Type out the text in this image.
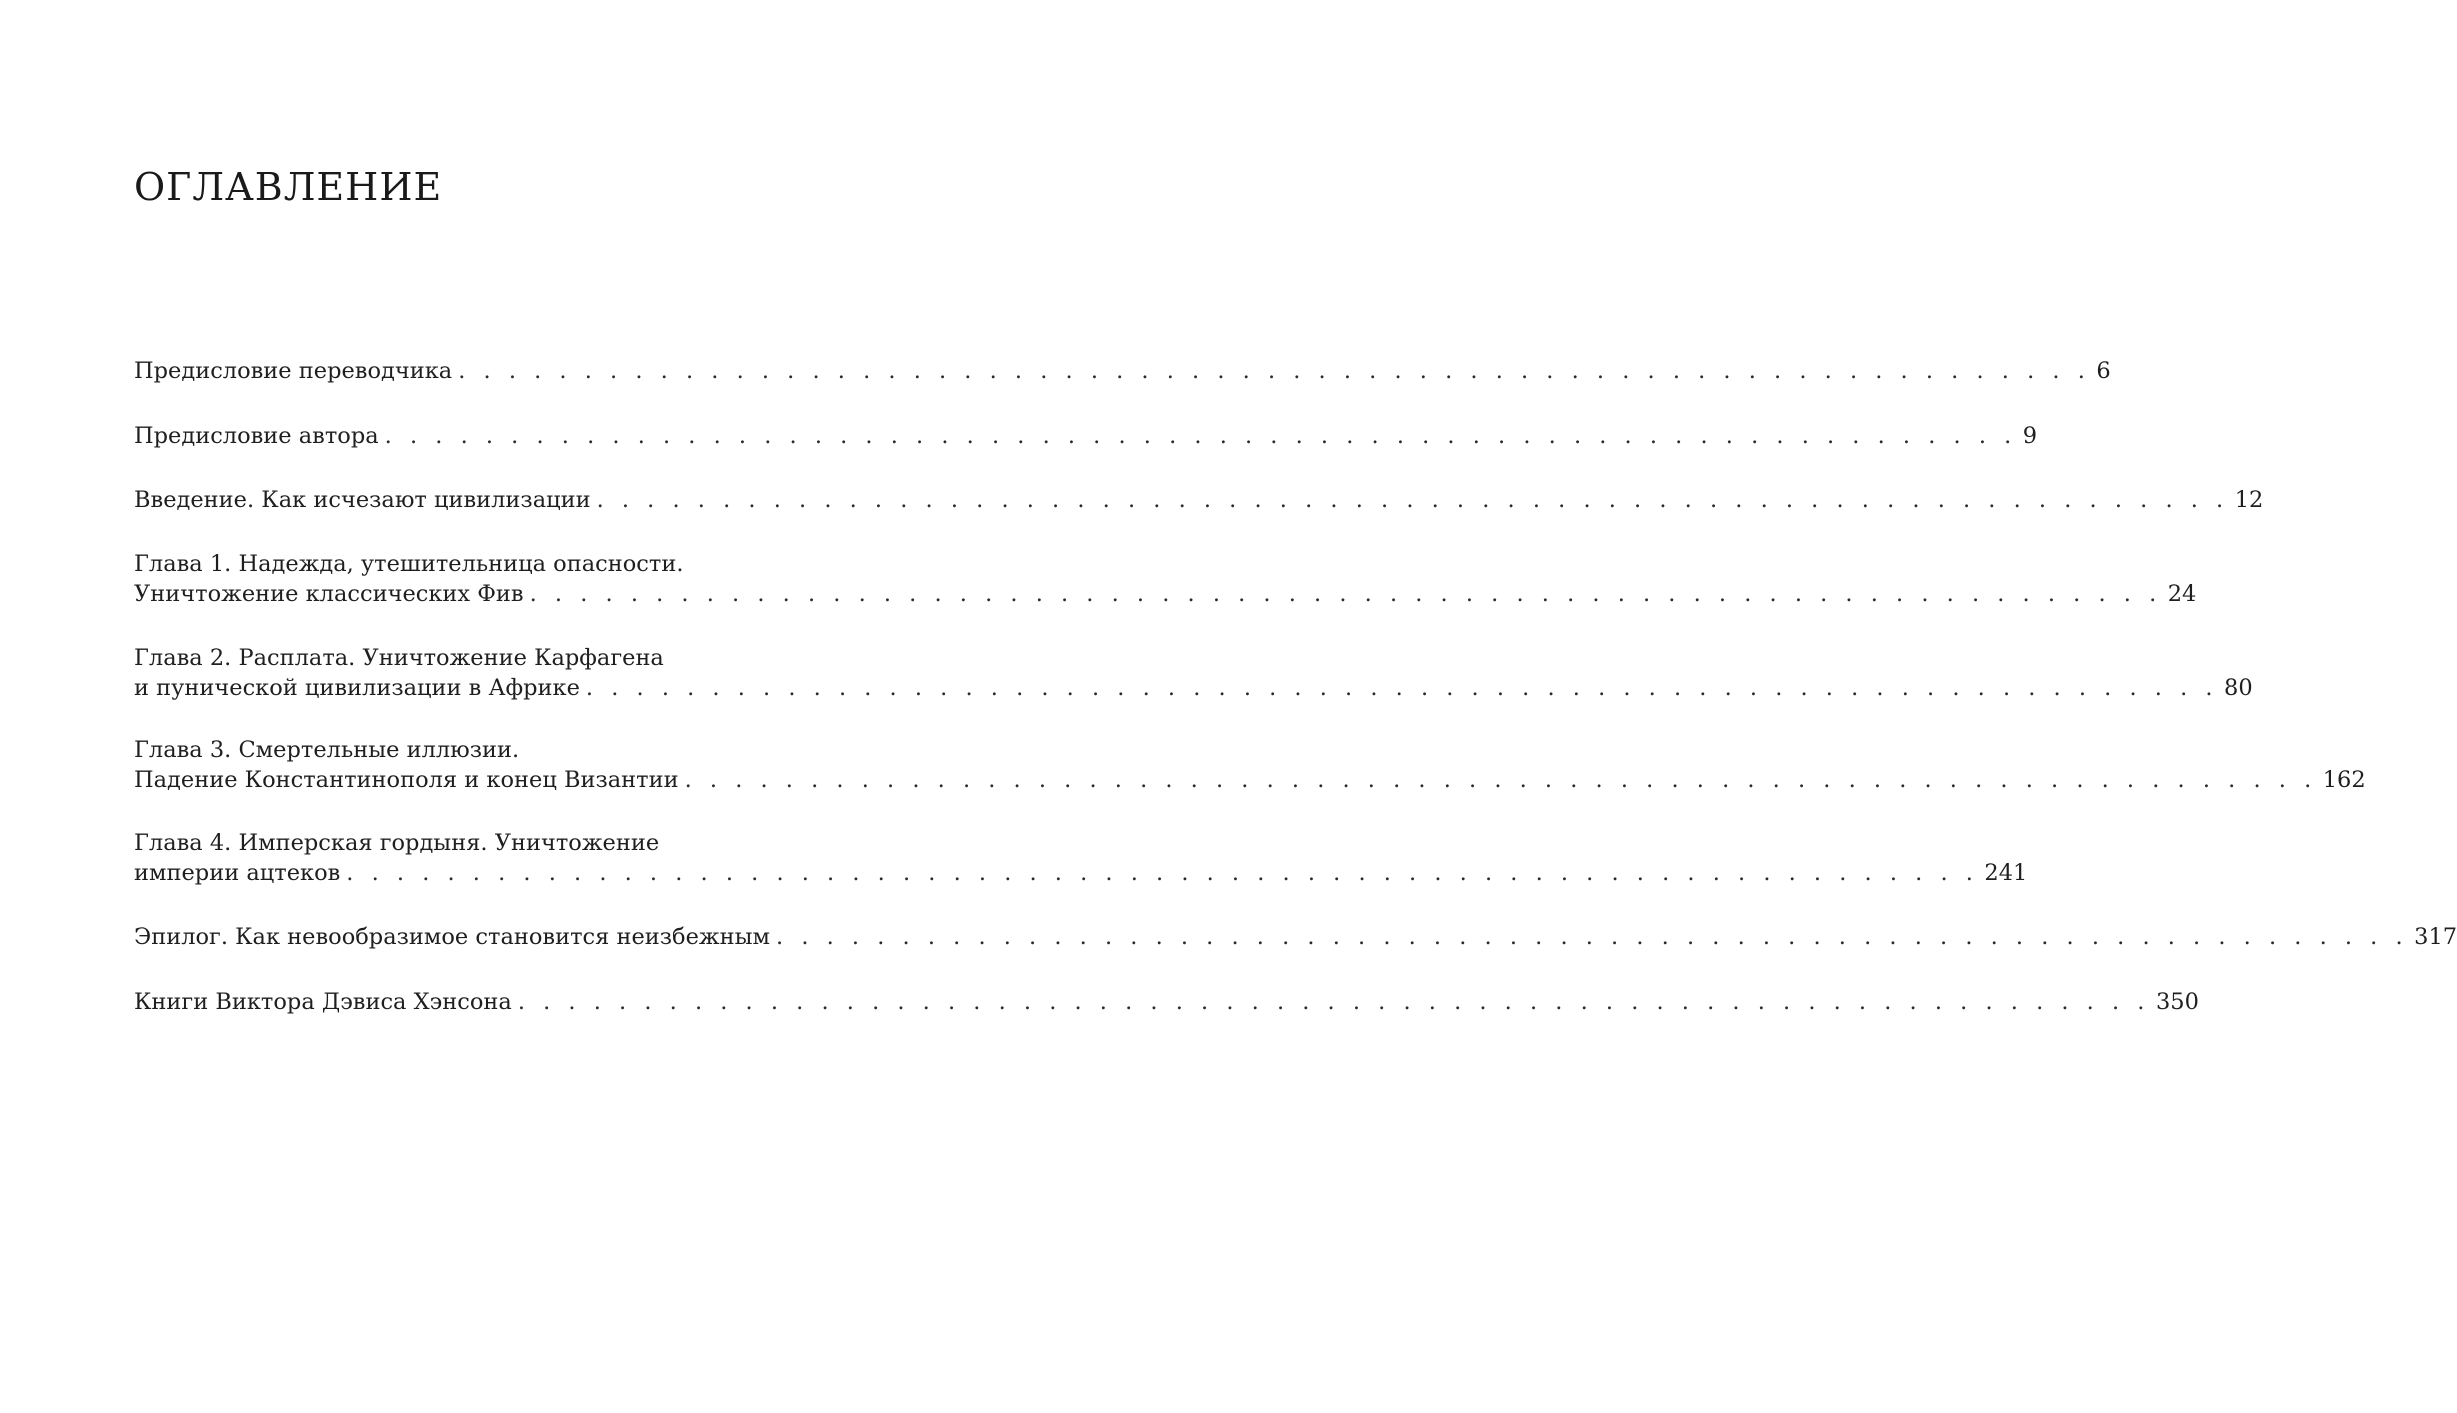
ОГЛАВЛЕНИЕ
Предисловие переводчика . . . . . . . . . . . . . . . . . . . . . . . . . . . . . . . . . . . . . . . . . . . . . . . . . . . . . . . . . . . . . . . . . 6
Предисловие автора . . . . . . . . . . . . . . . . . . . . . . . . . . . . . . . . . . . . . . . . . . . . . . . . . . . . . . . . . . . . . . . . . 9
Введение. Как исчезают цивилизации . . . . . . . . . . . . . . . . . . . . . . . . . . . . . . . . . . . . . . . . . . . . . . . . . . . . . . . . . . . . . . . . . 12
Глава 1. Надежда, утешительница опасности.
Уничтожение классических Фив . . . . . . . . . . . . . . . . . . . . . . . . . . . . . . . . . . . . . . . . . . . . . . . . . . . . . . . . . . . . . . . . . 24
Глава 2. Расплата. Уничтожение Карфагена
и пунической цивилизации в Африке . . . . . . . . . . . . . . . . . . . . . . . . . . . . . . . . . . . . . . . . . . . . . . . . . . . . . . . . . . . . . . . . . 80
Глава 3. Смертельные иллюзии.
Падение Константинополя и конец Византии . . . . . . . . . . . . . . . . . . . . . . . . . . . . . . . . . . . . . . . . . . . . . . . . . . . . . . . . . . . . . . . . . 162
Глава 4. Имперская гордыня. Уничтожение
империи ацтеков . . . . . . . . . . . . . . . . . . . . . . . . . . . . . . . . . . . . . . . . . . . . . . . . . . . . . . . . . . . . . . . . . 241
Эпилог. Как невообразимое становится неизбежным . . . . . . . . . . . . . . . . . . . . . . . . . . . . . . . . . . . . . . . . . . . . . . . . . . . . . . . . . . . . . . . . . 317
Книги Виктора Дэвиса Хэнсона . . . . . . . . . . . . . . . . . . . . . . . . . . . . . . . . . . . . . . . . . . . . . . . . . . . . . . . . . . . . . . . . . 350
